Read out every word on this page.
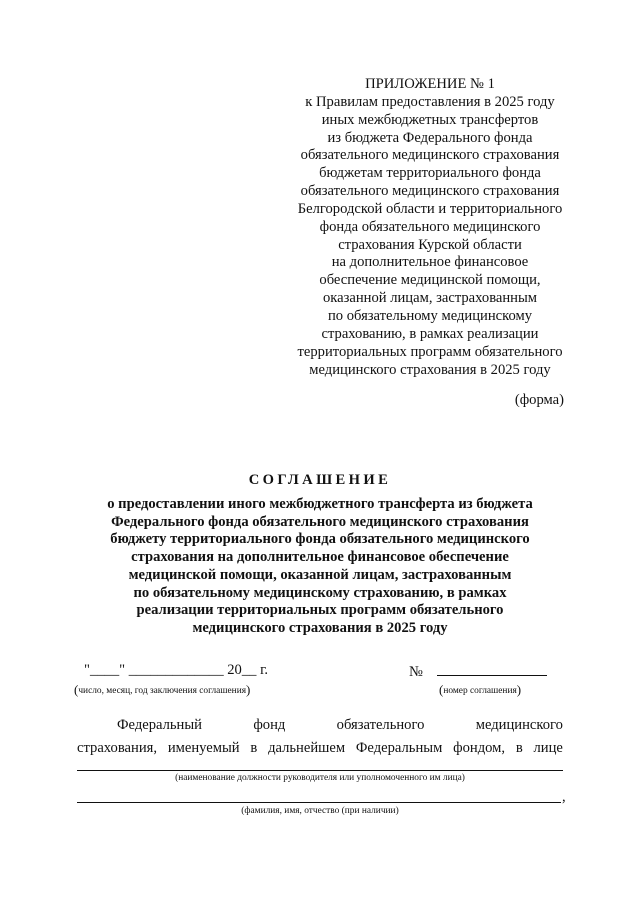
ПРИЛОЖЕНИЕ № 1
к Правилам предоставления в 2025 году
иных межбюджетных трансфертов
из бюджета Федерального фонда
обязательного медицинского страхования
бюджетам территориального фонда
обязательного медицинского страхования
Белгородской области и территориального
фонда обязательного медицинского
страхования Курской области
на дополнительное финансовое
обеспечение медицинской помощи,
оказанной лицам, застрахованным
по обязательному медицинскому
страхованию, в рамках реализации
территориальных программ обязательного
медицинского страхования в 2025 году
(форма)
СОГЛАШЕНИЕ
о предоставлении иного межбюджетного трансферта из бюджета
Федерального фонда обязательного медицинского страхования
бюджету территориального фонда обязательного медицинского
страхования на дополнительное финансовое обеспечение
медицинской помощи, оказанной лицам, застрахованным
по обязательному медицинскому страхованию, в рамках
реализации территориальных программ обязательного
медицинского страхования в 2025 году
"____" _____________ 20__ г.	№
(число, месяц, год заключения соглашения)	(номер соглашения)
Федеральный	фонд	обязательного	медицинского
страхования, именуемый в дальнейшем Федеральным фондом, в лице
(наименование должности руководителя или уполномоченного им лица)
,
(фамилия, имя, отчество (при наличии)
